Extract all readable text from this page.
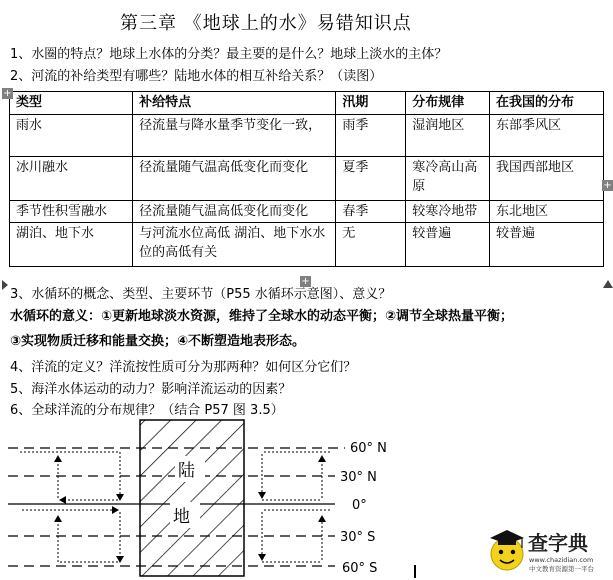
第三章 《地球上的水》易错知识点
1、水圈的特点？地球上水体的分类？最主要的是什么？地球上淡水的主体？
2、河流的补给类型有哪些？陆地水体的相互补给关系？（读图）
类型	补给特点	汛期	分布规律	在我国的分布
雨水	径流量与降水量季节变化一致，	雨季	湿润地区	东部季风区
冰川融水	径流量随气温高低变化而变化	夏季	寒冷高山高原	我国西部地区
季节性积雪融水	径流量随气温高低变化而变化	春季	较寒冷地带	东北地区
湖泊、地下水	与河流水位高低 湖泊、地下水水位的高低有关	无	较普遍	较普遍
+
+
+
3、水循环的概念、类型、主要环节（P55 水循环示意图）、意义？
水循环的意义：①更新地球淡水资源，维持了全球水的动态平衡；②调节全球热量平衡；
③实现物质迁移和能量交换；④不断塑造地表形态。
4、洋流的定义？洋流按性质可分为那两种？如何区分它们？
5、海洋水体运动的动力？影响洋流运动的因素？
6、全球洋流的分布规律？（结合 P57 图 3.5）
陆
地
60° N
30° N
0°
30° S
60° S
查字典
www.chazidian.com
中文教育资源第一平台
